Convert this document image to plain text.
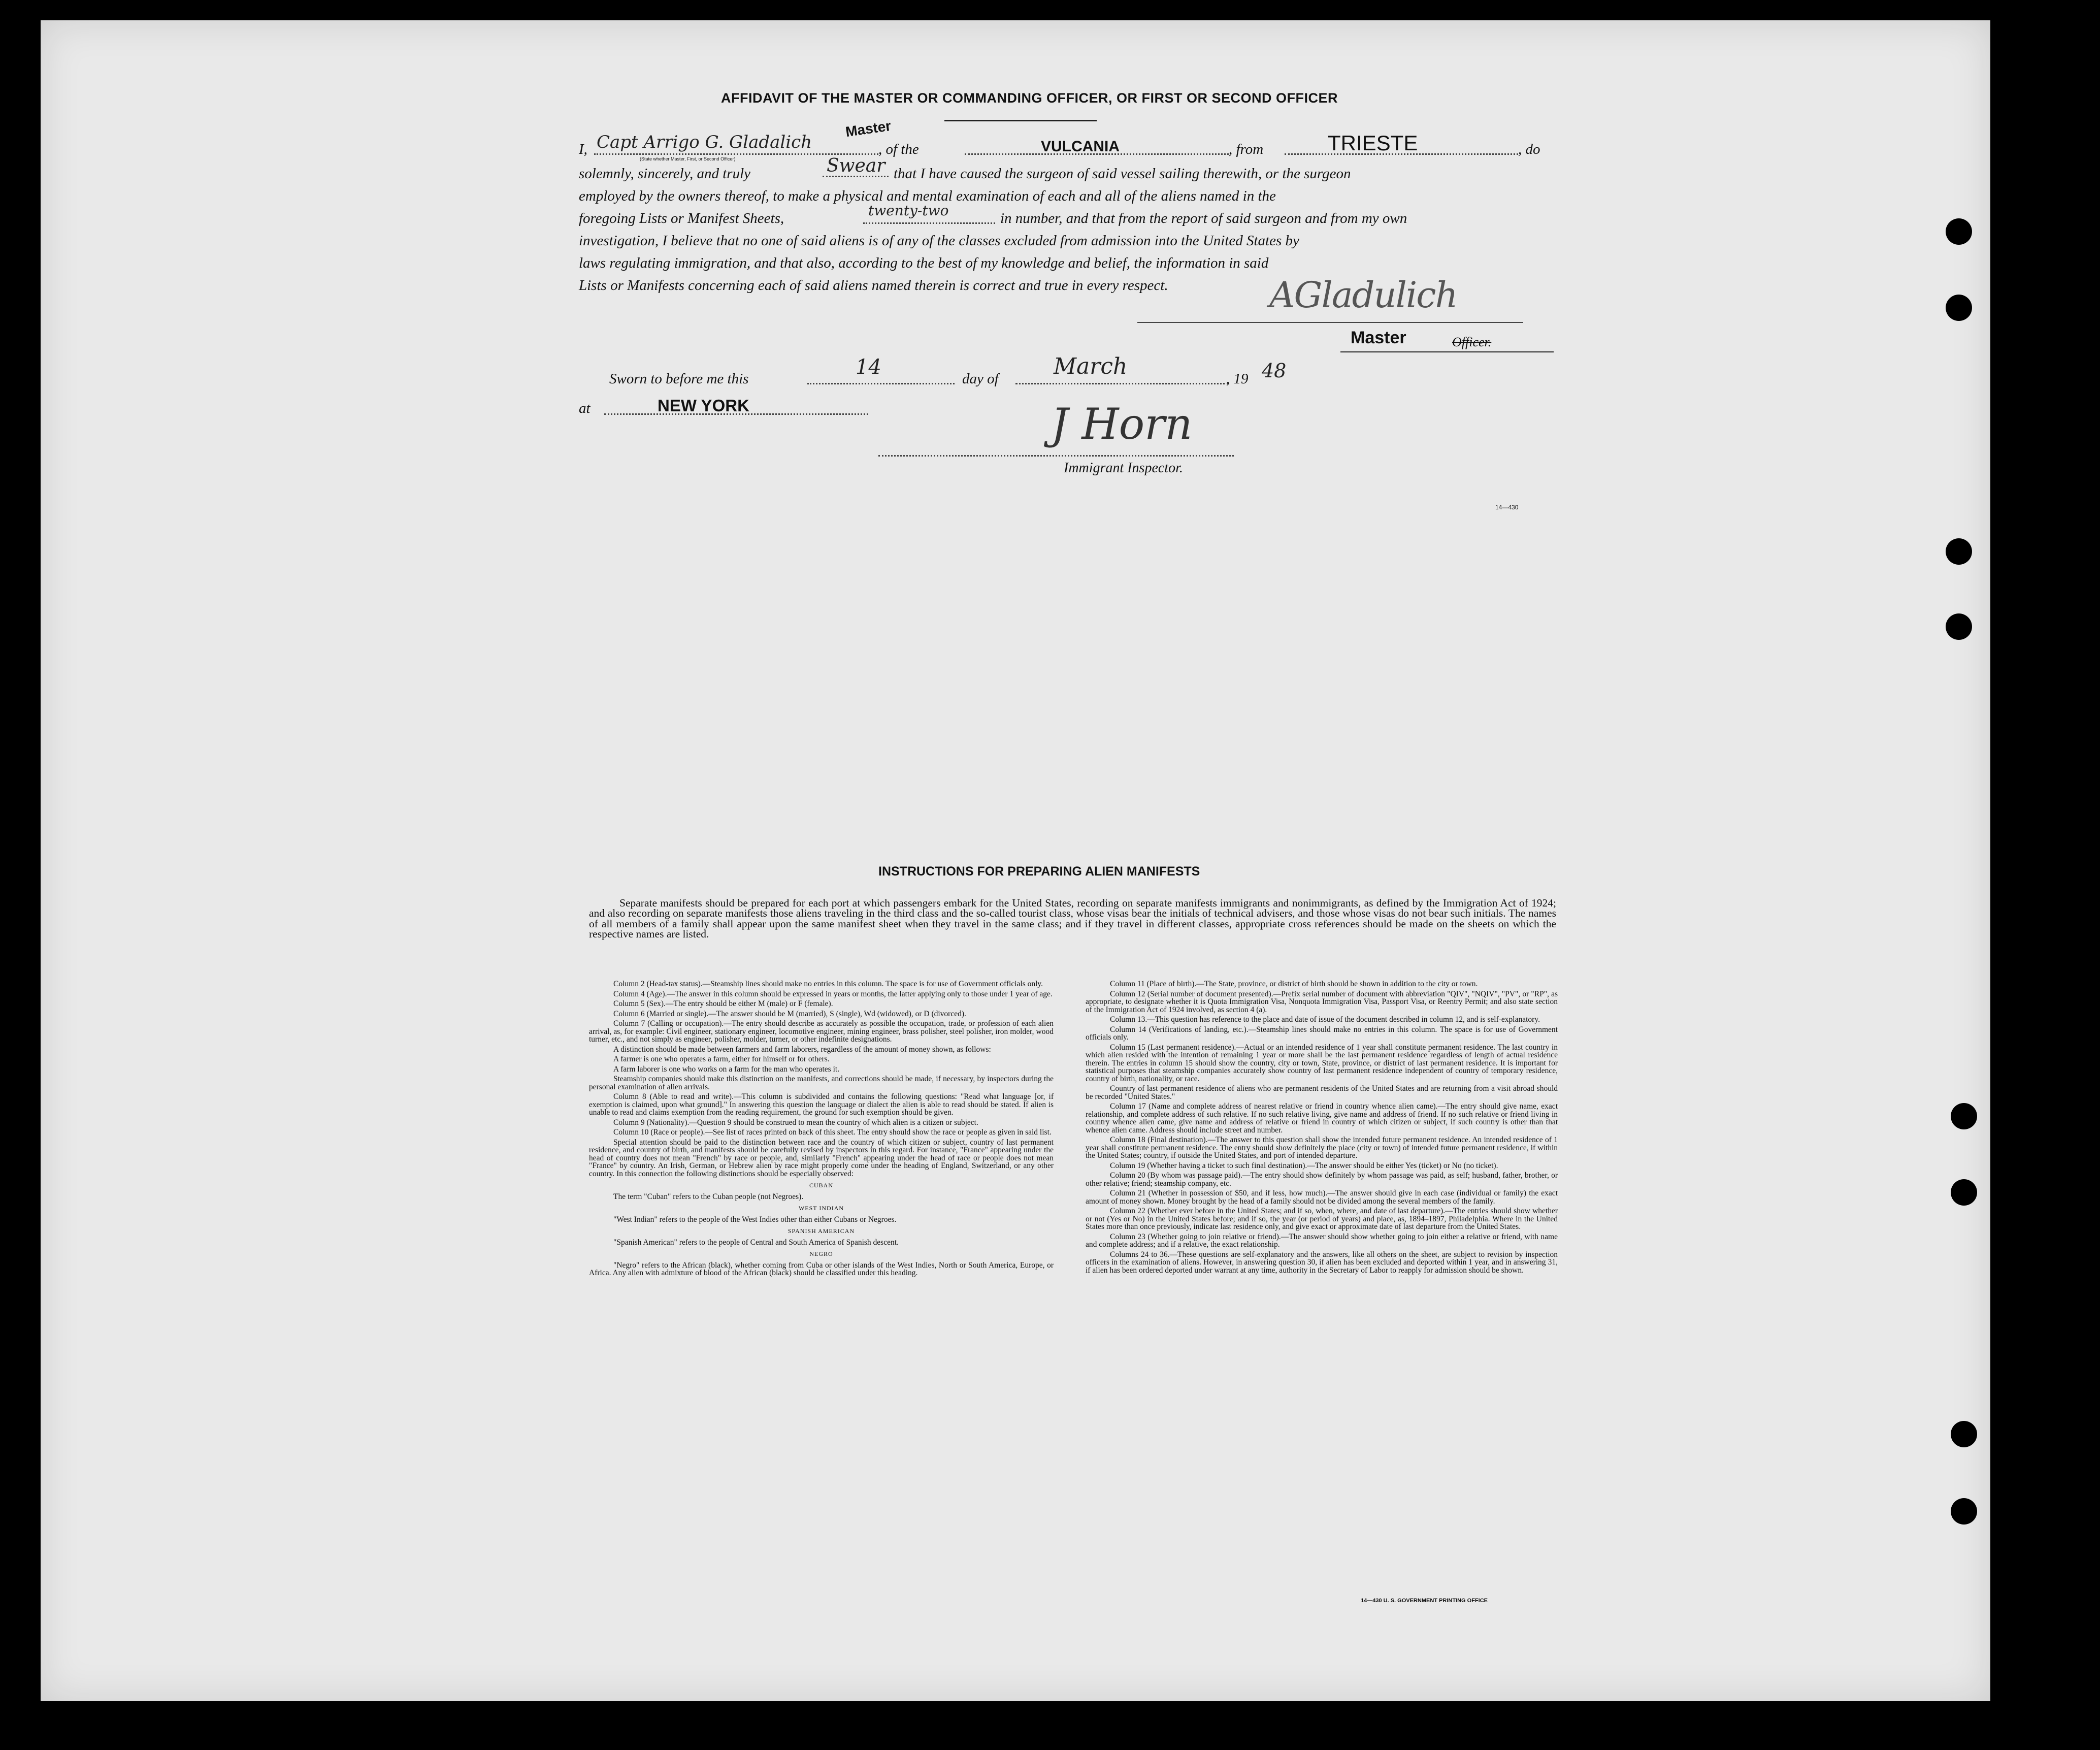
AFFIDAVIT OF THE MASTER OR COMMANDING OFFICER, OR FIRST OR SECOND OFFICER
I, Capt Arrigo G. Gladalich
Master
(State whether Master, First, or Second Officer)
, of the	VULCANIA	, from	TRIESTE	, do
solemnly, sincerely, and truly	Swear that I have caused the surgeon of said vessel sailing therewith, or the surgeon
employed by the owners thereof, to make a physical and mental examination of each and all of the aliens named in the
foregoing Lists or Manifest Sheets,	twenty-two	in number, and that from the report of said surgeon and from my own
investigation, I believe that no one of said aliens is of any of the classes excluded from admission into the United States by
laws regulating immigration, and that also, according to the best of my knowledge and belief, the information in said
Lists or Manifests concerning each of said aliens named therein is correct and true in every respect.	AGladulich
Master	Officer.
Sworn to before me this	14	day of March	, 19 48
at	NEW YORK	J Horn
Immigrant Inspector.
14—430
INSTRUCTIONS FOR PREPARING ALIEN MANIFESTS
Separate manifests should be prepared for each port at which passengers embark for the United States, recording on separate manifests immigrants and nonimmigrants, as defined by the Immigration Act of 1924; and also recording on separate manifests those aliens traveling in the third class and the so-called tourist class, whose visas bear the initials of technical advisers, and those whose visas do not bear such initials. The names of all members of a family shall appear upon the same manifest sheet when they travel in the same class; and if they travel in different classes, appropriate cross references should be made on the sheets on which the respective names are listed.

Column 2 (Head-tax status).—Steamship lines should make no entries in this column. The space is for use of Government officials only.

Column 4 (Age).—The answer in this column should be expressed in years or months, the latter applying only to those under 1 year of age.

Column 5 (Sex).—The entry should be either M (male) or F (female).

Column 6 (Married or single).—The answer should be M (married), S (single), Wd (widowed), or D (divorced).

Column 7 (Calling or occupation).—The entry should describe as accurately as possible the occupation, trade, or profession of each alien arrival, as, for example: Civil engineer, stationary engineer, locomotive engineer, mining engineer, brass polisher, steel polisher, iron molder, wood turner, etc., and not simply as engineer, polisher, molder, turner, or other indefinite designations.

A distinction should be made between farmers and farm laborers, regardless of the amount of money shown, as follows:

A farmer is one who operates a farm, either for himself or for others.

A farm laborer is one who works on a farm for the man who operates it.

Steamship companies should make this distinction on the manifests, and corrections should be made, if necessary, by inspectors during the personal examination of alien arrivals.

Column 8 (Able to read and write).—This column is subdivided and contains the following questions: "Read what language [or, if exemption is claimed, upon what ground]." In answering this question the language or dialect the alien is able to read should be stated. If alien is unable to read and claims exemption from the reading requirement, the ground for such exemption should be given.

Column 9 (Nationality).—Question 9 should be construed to mean the country of which alien is a citizen or subject.

Column 10 (Race or people).—See list of races printed on back of this sheet. The entry should show the race or people as given in said list.

Special attention should be paid to the distinction between race and the country of which citizen or subject, country of last permanent residence, and country of birth, and manifests should be carefully revised by inspectors in this regard. For instance, "France" appearing under the head of country does not mean "French" by race or people, and, similarly "French" appearing under the head of race or people does not mean "France" by country. An Irish, German, or Hebrew alien by race might properly come under the heading of England, Switzerland, or any other country. In this connection the following distinctions should be especially observed:

CUBAN

The term "Cuban" refers to the Cuban people (not Negroes).

WEST INDIAN

"West Indian" refers to the people of the West Indies other than either Cubans or Negroes.

SPANISH AMERICAN

"Spanish American" refers to the people of Central and South America of Spanish descent.

NEGRO

"Negro" refers to the African (black), whether coming from Cuba or other islands of the West Indies, North or South America, Europe, or Africa. Any alien with admixture of blood of the African (black) should be classified under this heading.

Column 11 (Place of birth).—The State, province, or district of birth should be shown in addition to the city or town.

Column 12 (Serial number of document presented).—Prefix serial number of document with abbreviation "QIV", "NQIV", "PV", or "RP", as appropriate, to designate whether it is Quota Immigration Visa, Nonquota Immigration Visa, Passport Visa, or Reentry Permit; and also state section of the Immigration Act of 1924 involved, as section 4 (a).

Column 13.—This question has reference to the place and date of issue of the document described in column 12, and is self-explanatory.

Column 14 (Verifications of landing, etc.).—Steamship lines should make no entries in this column. The space is for use of Government officials only.

Column 15 (Last permanent residence).—Actual or an intended residence of 1 year shall constitute permanent residence. The last country in which alien resided with the intention of remaining 1 year or more shall be the last permanent residence regardless of length of actual residence therein. The entries in column 15 should show the country, city or town, State, province, or district of last permanent residence. It is important for statistical purposes that steamship companies accurately show country of last permanent residence independent of country of temporary residence, country of birth, nationality, or race.

Country of last permanent residence of aliens who are permanent residents of the United States and are returning from a visit abroad should be recorded "United States."

Column 17 (Name and complete address of nearest relative or friend in country whence alien came).—The entry should give name, exact relationship, and complete address of such relative. If no such relative living, give name and address of friend. If no such relative or friend living in country whence alien came, give name and address of relative or friend in country of which citizen or subject, if such country is other than that whence alien came. Address should include street and number.

Column 18 (Final destination).—The answer to this question shall show the intended future permanent residence. An intended residence of 1 year shall constitute permanent residence. The entry should show definitely the place (city or town) of intended future permanent residence, if within the United States; country, if outside the United States, and port of intended departure.

Column 19 (Whether having a ticket to such final destination).—The answer should be either Yes (ticket) or No (no ticket).

Column 20 (By whom was passage paid).—The entry should show definitely by whom passage was paid, as self; husband, father, brother, or other relative; friend; steamship company, etc.

Column 21 (Whether in possession of $50, and if less, how much).—The answer should give in each case (individual or family) the exact amount of money shown. Money brought by the head of a family should not be divided among the several members of the family.

Column 22 (Whether ever before in the United States; and if so, when, where, and date of last departure).—The entries should show whether or not (Yes or No) in the United States before; and if so, the year (or period of years) and place, as, 1894–1897, Philadelphia. Where in the United States more than once previously, indicate last residence only, and give exact or approximate date of last departure from the United States.

Column 23 (Whether going to join relative or friend).—The answer should show whether going to join either a relative or friend, with name and complete address; and if a relative, the exact relationship.

Columns 24 to 36.—These questions are self-explanatory and the answers, like all others on the sheet, are subject to revision by inspection officers in the examination of aliens. However, in answering question 30, if alien has been excluded and deported within 1 year, and in answering 31, if alien has been ordered deported under warrant at any time, authority in the Secretary of Labor to reapply for admission should be shown.

14—430 U. S. GOVERNMENT PRINTING OFFICE
